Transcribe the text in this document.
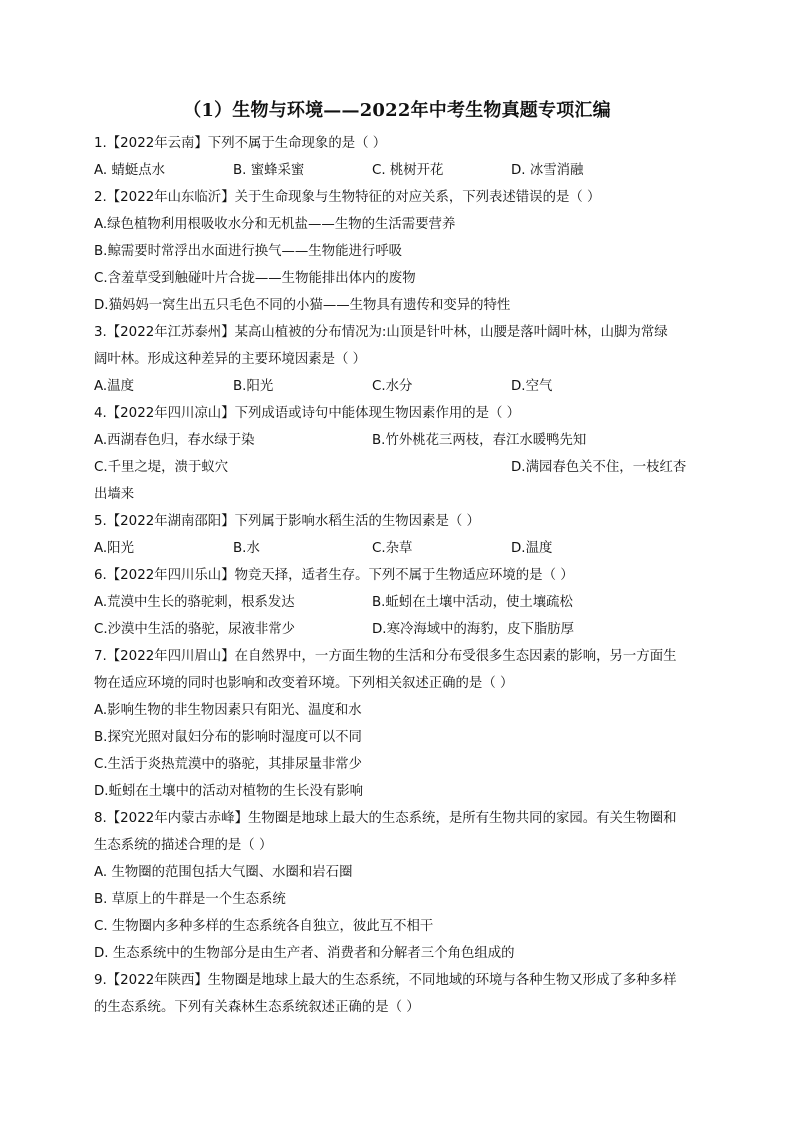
（1）生物与环境——2022年中考生物真题专项汇编
1.【2022年云南】下列不属于生命现象的是（ ）
A. 蜻蜓点水	B. 蜜蜂采蜜	C. 桃树开花	D. 冰雪消融
2.【2022年山东临沂】关于生命现象与生物特征的对应关系，下列表述错误的是（ ）
A.绿色植物利用根吸收水分和无机盐——生物的生活需要营养
B.鲸需要时常浮出水面进行换气——生物能进行呼吸
C.含羞草受到触碰叶片合拢——生物能排出体内的废物
D.猫妈妈一窝生出五只毛色不同的小猫——生物具有遗传和变异的特性
3.【2022年江苏泰州】某高山植被的分布情况为:山顶是针叶林，山腰是落叶阔叶林，山脚为常绿
阔叶林。形成这种差异的主要环境因素是（ ）
A.温度	B.阳光	C.水分	D.空气
4.【2022年四川凉山】下列成语或诗句中能体现生物因素作用的是（ ）
A.西湖春色归，春水绿于染	B.竹外桃花三两枝，春江水暖鸭先知
C.千里之堤，溃于蚁穴	D.满园春色关不住，一枝红杏
出墙来
5.【2022年湖南邵阳】下列属于影响水稻生活的生物因素是（ ）
A.阳光	B.水	C.杂草	D.温度
6.【2022年四川乐山】物竞天择，适者生存。下列不属于生物适应环境的是（ ）
A.荒漠中生长的骆驼刺，根系发达	B.蚯蚓在土壤中活动，使土壤疏松
C.沙漠中生活的骆驼，尿液非常少	D.寒冷海域中的海豹，皮下脂肪厚
7.【2022年四川眉山】在自然界中，一方面生物的生活和分布受很多生态因素的影响，另一方面生
物在适应环境的同时也影响和改变着环境。下列相关叙述正确的是（ ）
A.影响生物的非生物因素只有阳光、温度和水
B.探究光照对鼠妇分布的影响时湿度可以不同
C.生活于炎热荒漠中的骆驼，其排尿量非常少
D.蚯蚓在土壤中的活动对植物的生长没有影响
8.【2022年内蒙古赤峰】生物圈是地球上最大的生态系统，是所有生物共同的家园。有关生物圈和
生态系统的描述合理的是（ ）
A. 生物圈的范围包括大气圈、水圈和岩石圈
B. 草原上的牛群是一个生态系统
C. 生物圈内多种多样的生态系统各自独立，彼此互不相干
D. 生态系统中的生物部分是由生产者、消费者和分解者三个角色组成的
9.【2022年陕西】生物圈是地球上最大的生态系统，不同地域的环境与各种生物又形成了多种多样
的生态系统。下列有关森林生态系统叙述正确的是（ ）
